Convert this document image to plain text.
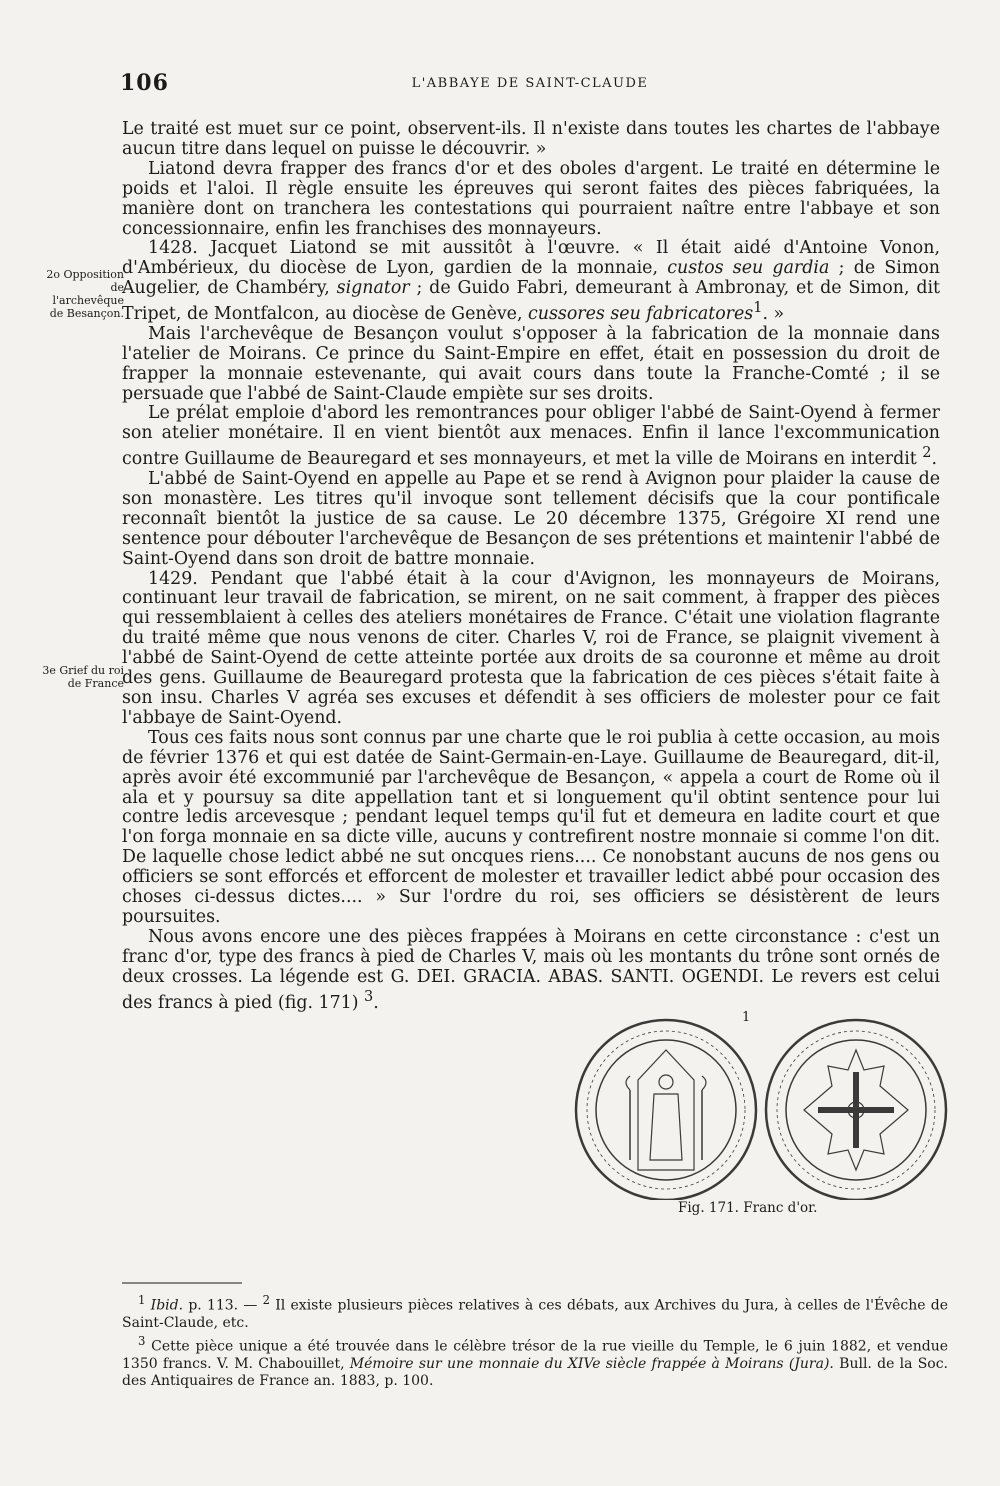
106	L'ABBAYE DE SAINT-CLAUDE
2o Opposition de l'archevêque de Besançon.
3e Grief du roi de France

Le traité est muet sur ce point, observent-ils. Il n'existe dans toutes les chartes de l'abbaye aucun titre dans lequel on puisse le découvrir. »

Liatond devra frapper des francs d'or et des oboles d'argent. Le traité en détermine le poids et l'aloi. Il règle ensuite les épreuves qui seront faites des pièces fabriquées, la manière dont on tranchera les contestations qui pourraient naître entre l'abbaye et son concessionnaire, enfin les franchises des monnayeurs.

1428. Jacquet Liatond se mit aussitôt à l'œuvre. « Il était aidé d'Antoine Vonon, d'Ambérieux, du diocèse de Lyon, gardien de la monnaie, custos seu gardia ; de Simon Augelier, de Chambéry, signator ; de Guido Fabri, demeurant à Ambronay, et de Simon, dit Tripet, de Montfalcon, au diocèse de Genève, cussores seu fabricatores$^1$. »

Mais l'archevêque de Besançon voulut s'opposer à la fabrication de la monnaie dans l'atelier de Moirans. Ce prince du Saint-Empire en effet, était en possession du droit de frapper la monnaie estevenante, qui avait cours dans toute la Franche-Comté ; il se persuade que l'abbé de Saint-Claude empiète sur ses droits.

Le prélat emploie d'abord les remontrances pour obliger l'abbé de Saint-Oyend à fermer son atelier monétaire. Il en vient bientôt aux menaces. Enfin il lance l'excommunication contre Guillaume de Beauregard et ses monnayeurs, et met la ville de Moirans en interdit $^2$.

L'abbé de Saint-Oyend en appelle au Pape et se rend à Avignon pour plaider la cause de son monastère. Les titres qu'il invoque sont tellement décisifs que la cour pontificale reconnaît bientôt la justice de sa cause. Le 20 décembre 1375, Grégoire XI rend une sentence pour débouter l'archevêque de Besançon de ses prétentions et maintenir l'abbé de Saint-Oyend dans son droit de battre monnaie.

1429. Pendant que l'abbé était à la cour d'Avignon, les monnayeurs de Moirans, continuant leur travail de fabrication, se mirent, on ne sait comment, à frapper des pièces qui ressemblaient à celles des ateliers monétaires de France. C'était une violation flagrante du traité même que nous venons de citer. Charles V, roi de France, se plaignit vivement à l'abbé de Saint-Oyend de cette atteinte portée aux droits de sa couronne et même au droit des gens. Guillaume de Beauregard protesta que la fabrication de ces pièces s'était faite à son insu. Charles V agréa ses excuses et défendit à ses officiers de molester pour ce fait l'abbaye de Saint-Oyend.

Tous ces faits nous sont connus par une charte que le roi publia à cette occasion, au mois de février 1376 et qui est datée de Saint-Germain-en-Laye. Guillaume de Beauregard, dit-il, après avoir été excommunié par l'archevêque de Besançon, « appela a court de Rome où il ala et y poursuy sa dite appellation tant et si longuement qu'il obtint sentence pour lui contre ledis arcevesque ; pendant lequel temps qu'il fut et demeura en ladite court et que l'on forga monnaie en sa dicte ville, aucuns y contrefirent nostre monnaie si comme l'on dit. De laquelle chose ledict abbé ne sut oncques riens.... Ce nonobstant aucuns de nos gens ou officiers se sont efforcés et efforcent de molester et travailler ledict abbé pour occasion des choses ci-dessus dictes.... » Sur l'ordre du roi, ses officiers se désistèrent de leurs poursuites.

Nous avons encore une des pièces frappées à Moirans en cette circonstance : c'est un franc d'or, type des francs à pied de Charles V, mais où les montants du trône sont ornés de deux crosses. La légende est G. DEI. GRACIA. ABAS. SANTI. OGENDI. Le revers est celui des francs à pied (fig. 171) $^3$.

1
Fig. 171. Franc d'or.

$^1$ Ibid. p. 113. — $^2$ Il existe plusieurs pièces relatives à ces débats, aux Archives du Jura, à celles de l'Évêche de Saint-Claude, etc.

$^3$ Cette pièce unique a été trouvée dans le célèbre trésor de la rue vieille du Temple, le 6 juin 1882, et vendue 1350 francs. V. M. Chabouillet, Mémoire sur une monnaie du XIVe siècle frappée à Moirans (Jura). Bull. de la Soc. des Antiquaires de France an. 1883, p. 100.
